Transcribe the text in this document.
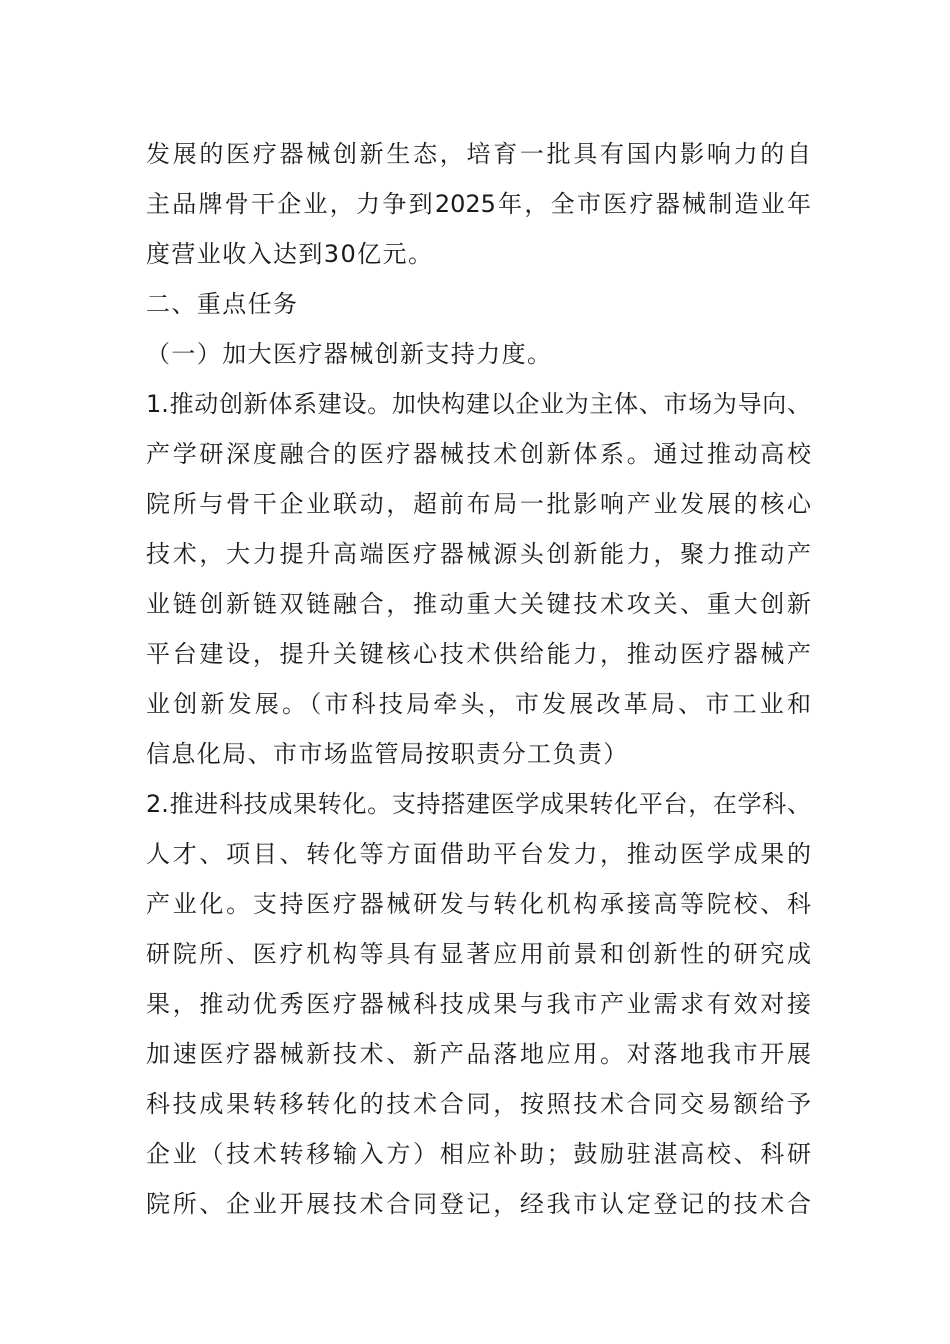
发展的医疗器械创新生态，培育一批具有国内影响力的自
主品牌骨干企业，力争到2025年，全市医疗器械制造业年
度营业收入达到30亿元。
二、重点任务
（一）加大医疗器械创新支持力度。
1.推动创新体系建设。加快构建以企业为主体、市场为导向、
产学研深度融合的医疗器械技术创新体系。通过推动高校
院所与骨干企业联动，超前布局一批影响产业发展的核心
技术，大力提升高端医疗器械源头创新能力，聚力推动产
业链创新链双链融合，推动重大关键技术攻关、重大创新
平台建设，提升关键核心技术供给能力，推动医疗器械产
业创新发展。（市科技局牵头，市发展改革局、市工业和
信息化局、市市场监管局按职责分工负责）
2.推进科技成果转化。支持搭建医学成果转化平台，在学科、
人才、项目、转化等方面借助平台发力，推动医学成果的
产业化。支持医疗器械研发与转化机构承接高等院校、科
研院所、医疗机构等具有显著应用前景和创新性的研究成
果，推动优秀医疗器械科技成果与我市产业需求有效对接
加速医疗器械新技术、新产品落地应用。对落地我市开展
科技成果转移转化的技术合同，按照技术合同交易额给予
企业（技术转移输入方）相应补助；鼓励驻湛高校、科研
院所、企业开展技术合同登记，经我市认定登记的技术合
